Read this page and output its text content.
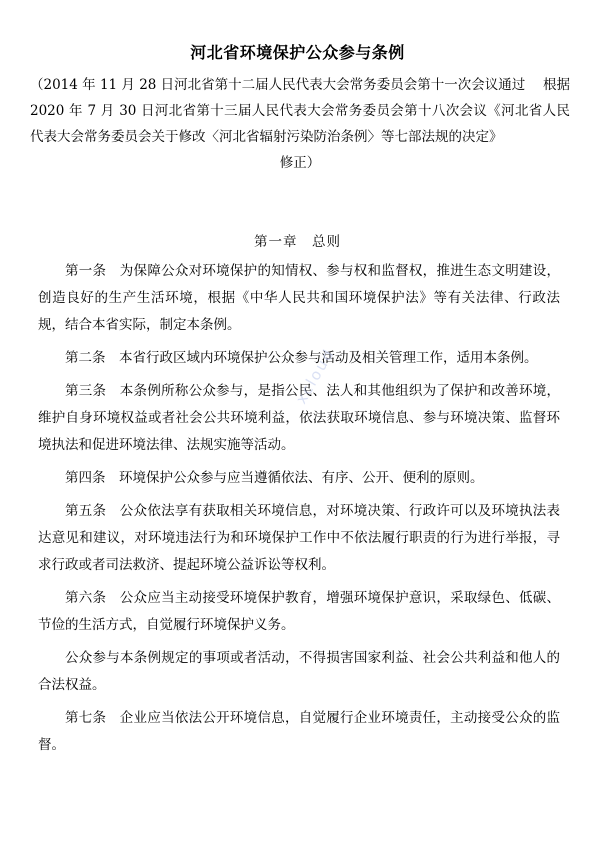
河北省环境保护公众参与条例
（2014 年 11 月 28 日河北省第十二届人民代表大会常务委员会第十一次会议通过　 根据 2020 年 7 月 30 日河北省第十三届人民代表大会常务委员会第十八次会议《河北省人民代表大会常务委员会关于修改〈河北省辐射污染防治条例〉等七部法规的决定》
修正）
第一章　总则

第一条 为保障公众对环境保护的知情权、参与权和监督权，推进生态文明建设，创造良好的生产生活环境，根据《中华人民共和国环境保护法》等有关法律、行政法规，结合本省实际，制定本条例。

第二条 本省行政区域内环境保护公众参与活动及相关管理工作，适用本条例。

第三条 本条例所称公众参与，是指公民、法人和其他组织为了保护和改善环境，维护自身环境权益或者社会公共环境利益，依法获取环境信息、参与环境决策、监督环境执法和促进环境法律、法规实施等活动。

第四条 环境保护公众参与应当遵循依法、有序、公开、便利的原则。

第五条 公众依法享有获取相关环境信息，对环境决策、行政许可以及环境执法表达意见和建议，对环境违法行为和环境保护工作中不依法履行职责的行为进行举报，寻求行政或者司法救济、提起环境公益诉讼等权利。

第六条 公众应当主动接受环境保护教育，增强环境保护意识，采取绿色、低碳、节俭的生活方式，自觉履行环境保护义务。

公众参与本条例规定的事项或者活动，不得损害国家利益、社会公共利益和他人的合法权益。

第七条 企业应当依法公开环境信息，自觉履行企业环境责任，主动接受公众的监督。

xcloud
